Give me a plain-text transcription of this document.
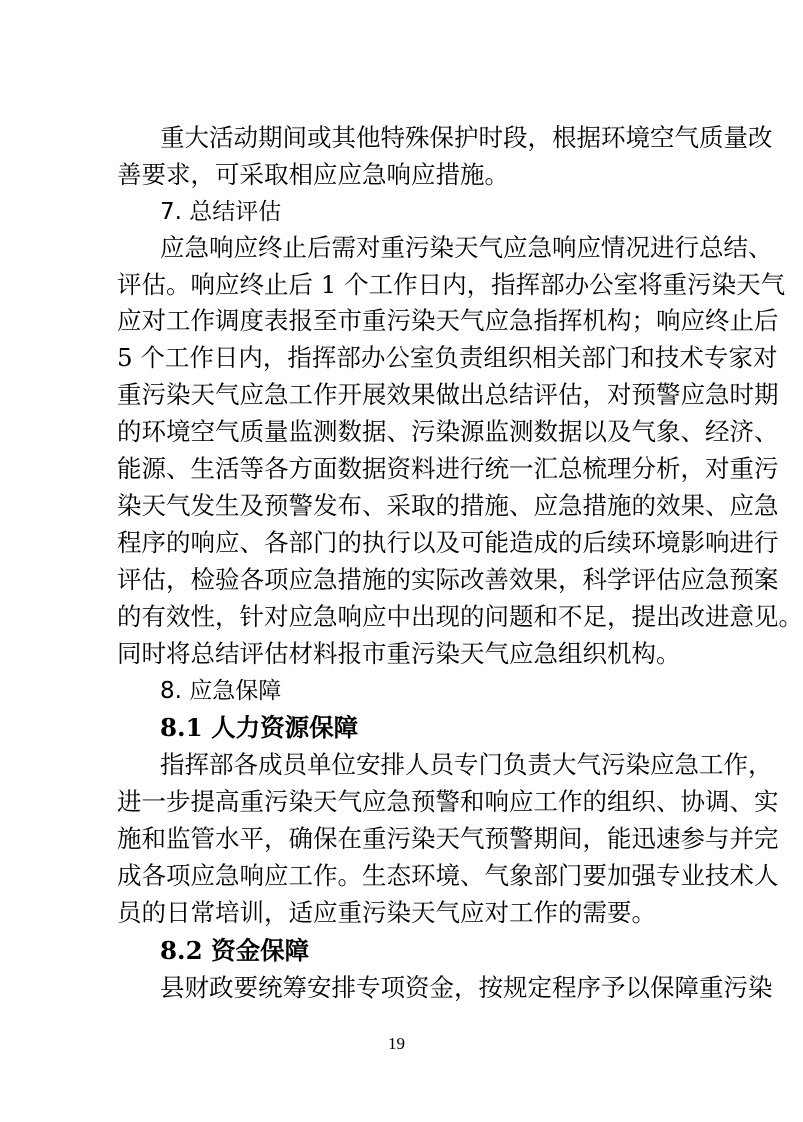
重大活动期间或其他特殊保护时段，根据环境空气质量改
善要求，可采取相应应急响应措施。
7. 总结评估
应急响应终止后需对重污染天气应急响应情况进行总结、
评估。响应终止后 1 个工作日内，指挥部办公室将重污染天气
应对工作调度表报至市重污染天气应急指挥机构；响应终止后
5 个工作日内，指挥部办公室负责组织相关部门和技术专家对
重污染天气应急工作开展效果做出总结评估，对预警应急时期
的环境空气质量监测数据、污染源监测数据以及气象、经济、
能源、生活等各方面数据资料进行统一汇总梳理分析，对重污
染天气发生及预警发布、采取的措施、应急措施的效果、应急
程序的响应、各部门的执行以及可能造成的后续环境影响进行
评估，检验各项应急措施的实际改善效果，科学评估应急预案
的有效性，针对应急响应中出现的问题和不足，提出改进意见。
同时将总结评估材料报市重污染天气应急组织机构。
8. 应急保障
8.1 人力资源保障
指挥部各成员单位安排人员专门负责大气污染应急工作，
进一步提高重污染天气应急预警和响应工作的组织、协调、实
施和监管水平，确保在重污染天气预警期间，能迅速参与并完
成各项应急响应工作。生态环境、气象部门要加强专业技术人
员的日常培训，适应重污染天气应对工作的需要。
8.2 资金保障
县财政要统筹安排专项资金，按规定程序予以保障重污染
19
